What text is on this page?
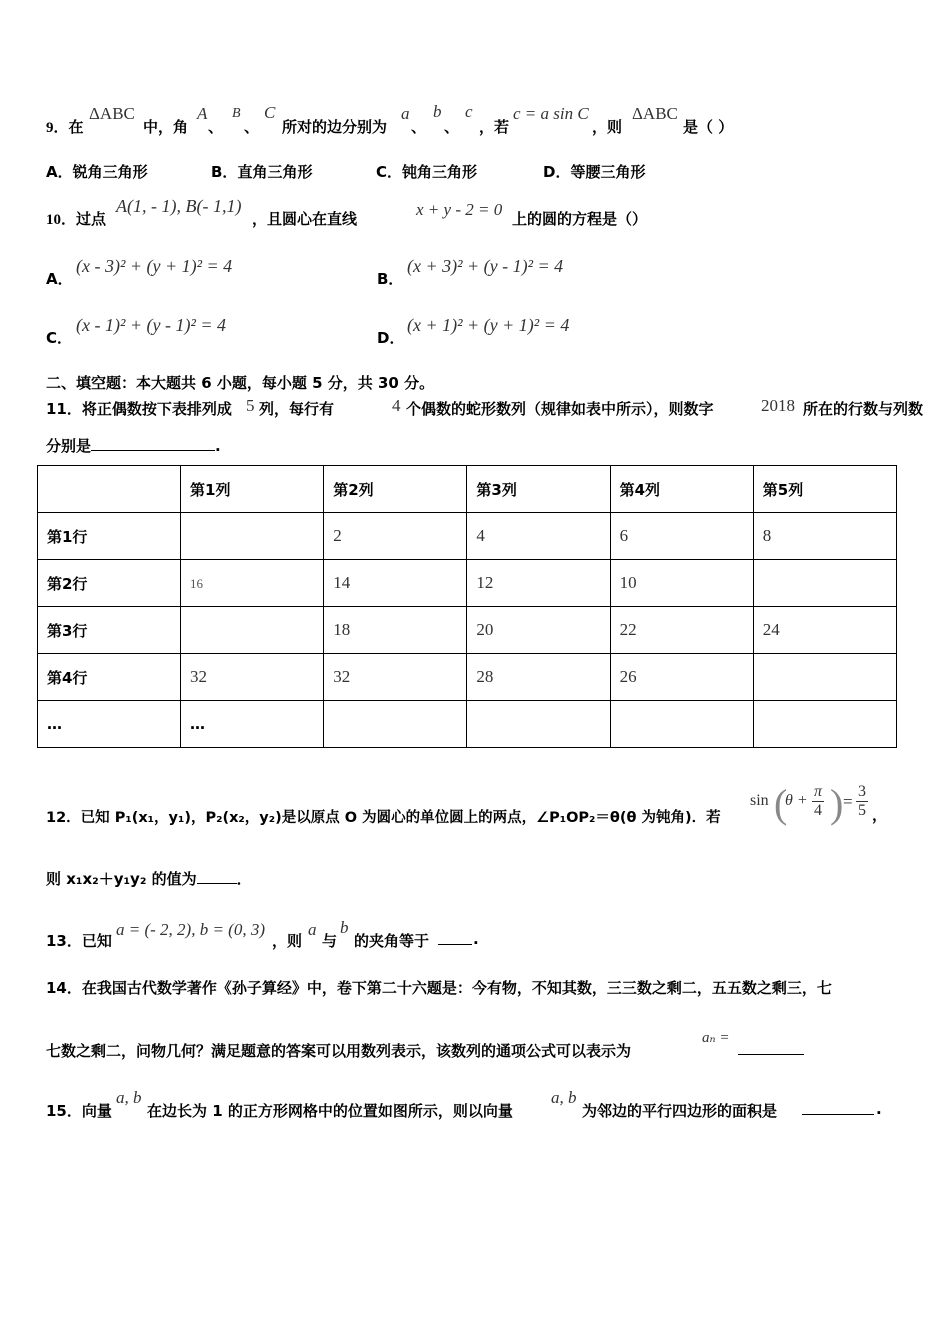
9．在
ΔABC
中，角
A
、
B
、
C
所对的边分别为
a
、
b
、
c
，若
c = a sin C
，则
ΔABC
是（ ）
A．锐角三角形	B．直角三角形	C．钝角三角形	D．等腰三角形
10．过点
A(1, - 1), B(- 1,1)
，且圆心在直线	x + y - 2 = 0 上的圆的方程是（）
A．
(x - 3)² + (y + 1)² = 4
B．
(x + 3)² + (y - 1)² = 4
C．
(x - 1)² + (y - 1)² = 4
D．
(x + 1)² + (y + 1)² = 4
二、填空题：本大题共 6 小题，每小题 5 分，共 30 分。
11．将正偶数按下表排列成 5 列，每行有	4 个偶数的蛇形数列（规律如表中所示），则数字	2018 所在的行数与列数
分别是	.
	第1列	第2列	第3列	第4列	第5列
第1行		2	4	6	8
第2行	16	14	12	10	
第3行		18	20	22	24
第4行	32	32	28	26	
…	…				
12．已知 P₁(x₁，y₁)，P₂(x₂，y₂)是以原点 O 为圆心的单位圆上的两点，∠P₁OP₂＝θ(θ 为钝角)．若
sin (
$\theta + \frac{\pi}{4}$ ) = $\frac{3}{5}$ ，
则 x₁x₂＋y₁y₂ 的值为	．
13．已知
a = (- 2, 2), b = (0, 3)
，则
a
与
b
的夹角等于	.
14．在我国古代数学著作《孙子算经》中，卷下第二十六题是：今有物，不知其数，三三数之剩二，五五数之剩三，七
七数之剩二，问物几何？满足题意的答案可以用数列表示，该数列的通项公式可以表示为
aₙ =
15．向量
a, b
在边长为 1 的正方形网格中的位置如图所示，则以向量
a, b
为邻边的平行四边形的面积是	.
